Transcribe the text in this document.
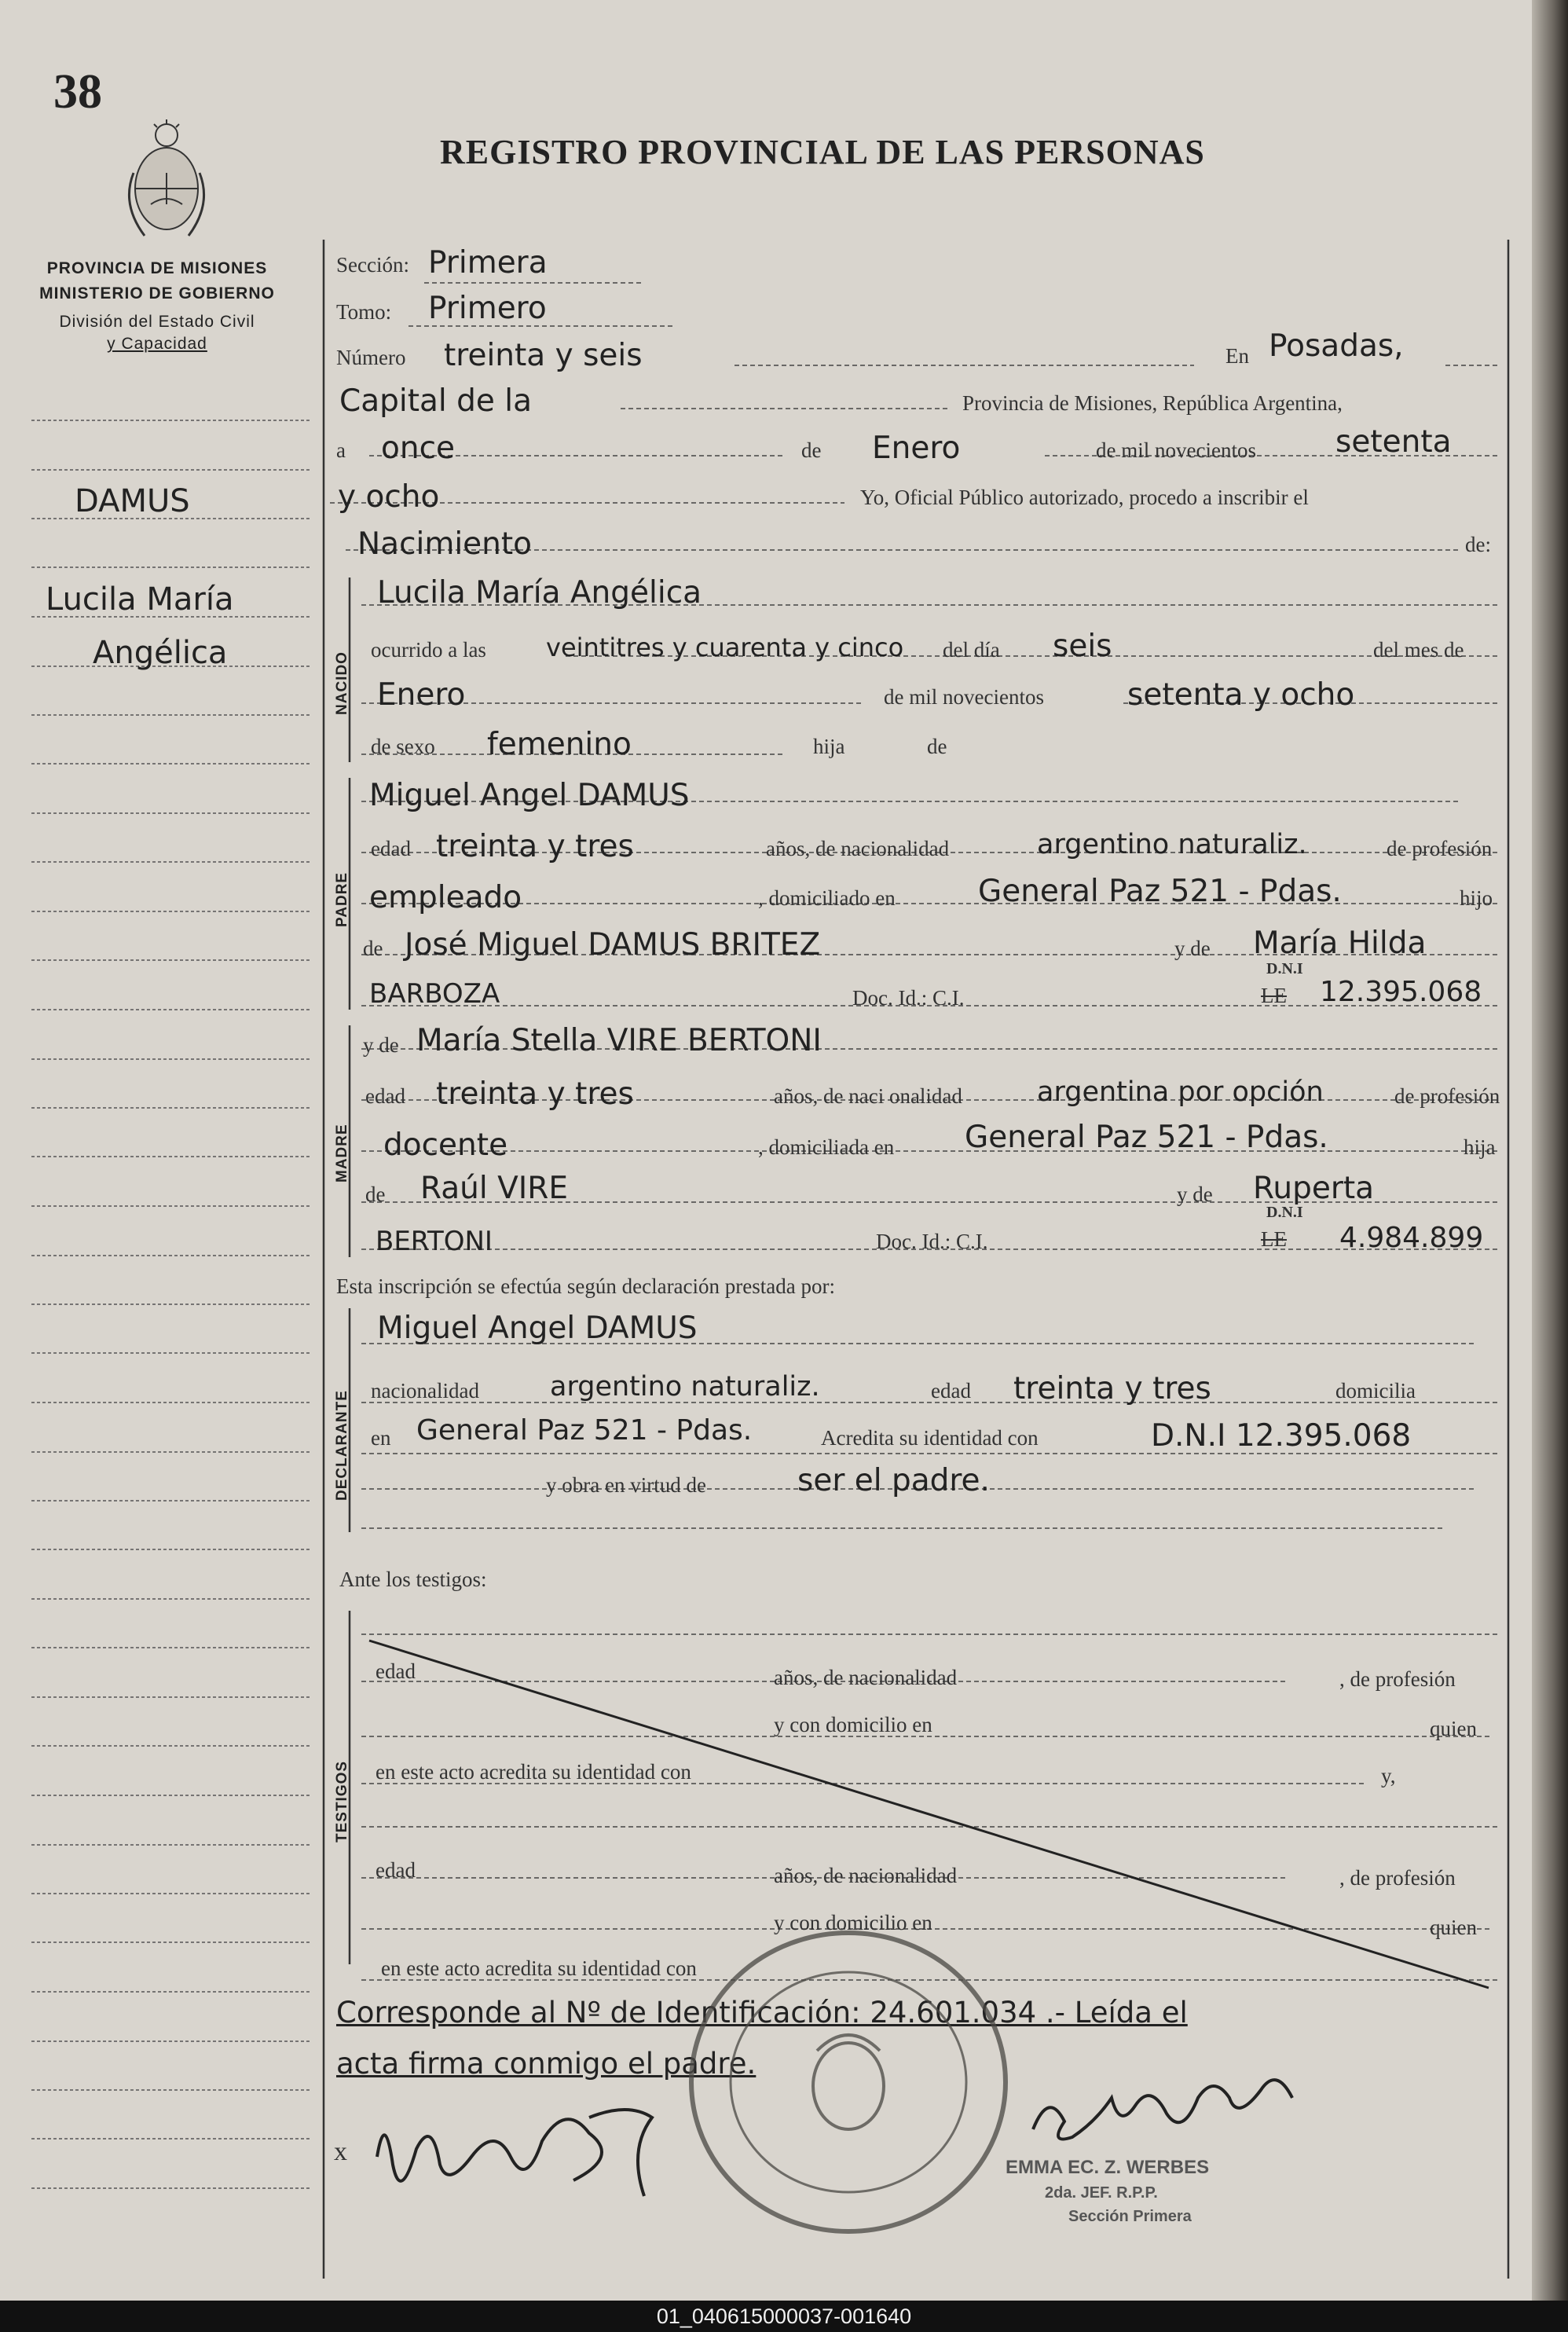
38
REGISTRO PROVINCIAL DE LAS PERSONAS
PROVINCIA DE MISIONES
MINISTERIO DE GOBIERNO
División del Estado Civil
y Capacidad
NACIDO
PADRE
MADRE
DECLARANTE
TESTIGOS
DAMUS
Lucila María
Angélica
Sección: Primera
Tomo: Primero
Número treinta y seis	En Posadas,
Capital de la	Provincia de Misiones, República Argentina,
a once	de Enero	de mil novecientos	setenta
y ocho	Yo, Oficial Público autorizado, procedo a inscribir el
Nacimiento	de:
Lucila María Angélica
ocurrido a las veintitres y cuarenta y cinco del día seis	del mes de
Enero	de mil novecientos	setenta y ocho
de sexo femenino	hija	de
Miguel Angel DAMUS
edad treinta y tres	años, de nacionalidad	argentino naturaliz.	de profesión
empleado	, domiciliado en	General Paz 521 - Pdas.	hijo
de José Miguel DAMUS BRITEZ	y de María Hilda
BARBOZA	Doc. Id.: C.I.
D.N.I
LE 12.395.068
y de María Stella VIRE BERTONI
edad treinta y tres	años, de naci onalidad	argentina por opción	de profesión
docente	, domiciliada en General Paz 521 - Pdas.	hija
de Raúl VIRE	y de Ruperta
BERTONI	Doc. Id.: C.I.
D.N.I
LE 4.984.899
Esta inscripción se efectúa según declaración prestada por:
Miguel Angel DAMUS
nacionalidad	argentino naturaliz.	edad treinta y tres	domicilia
en General Paz 521 - Pdas.	Acredita su identidad con	D.N.I 12.395.068
y obra en virtud de	ser el padre.
Ante los testigos:
edad	años, de nacionalidad	, de profesión
y con domicilio en	quien
en este acto acredita su identidad con	y,
edad	años, de nacionalidad	, de profesión
y con domicilio en	quien
en este acto acredita su identidad con
Corresponde al Nº de Identificación: 24.601.034 .- Leída el
acta firma conmigo el padre.
x
EMMA EC. Z. WERBES
2da. JEF. R.P.P.
Sección Primera
01_040615000037-001640
